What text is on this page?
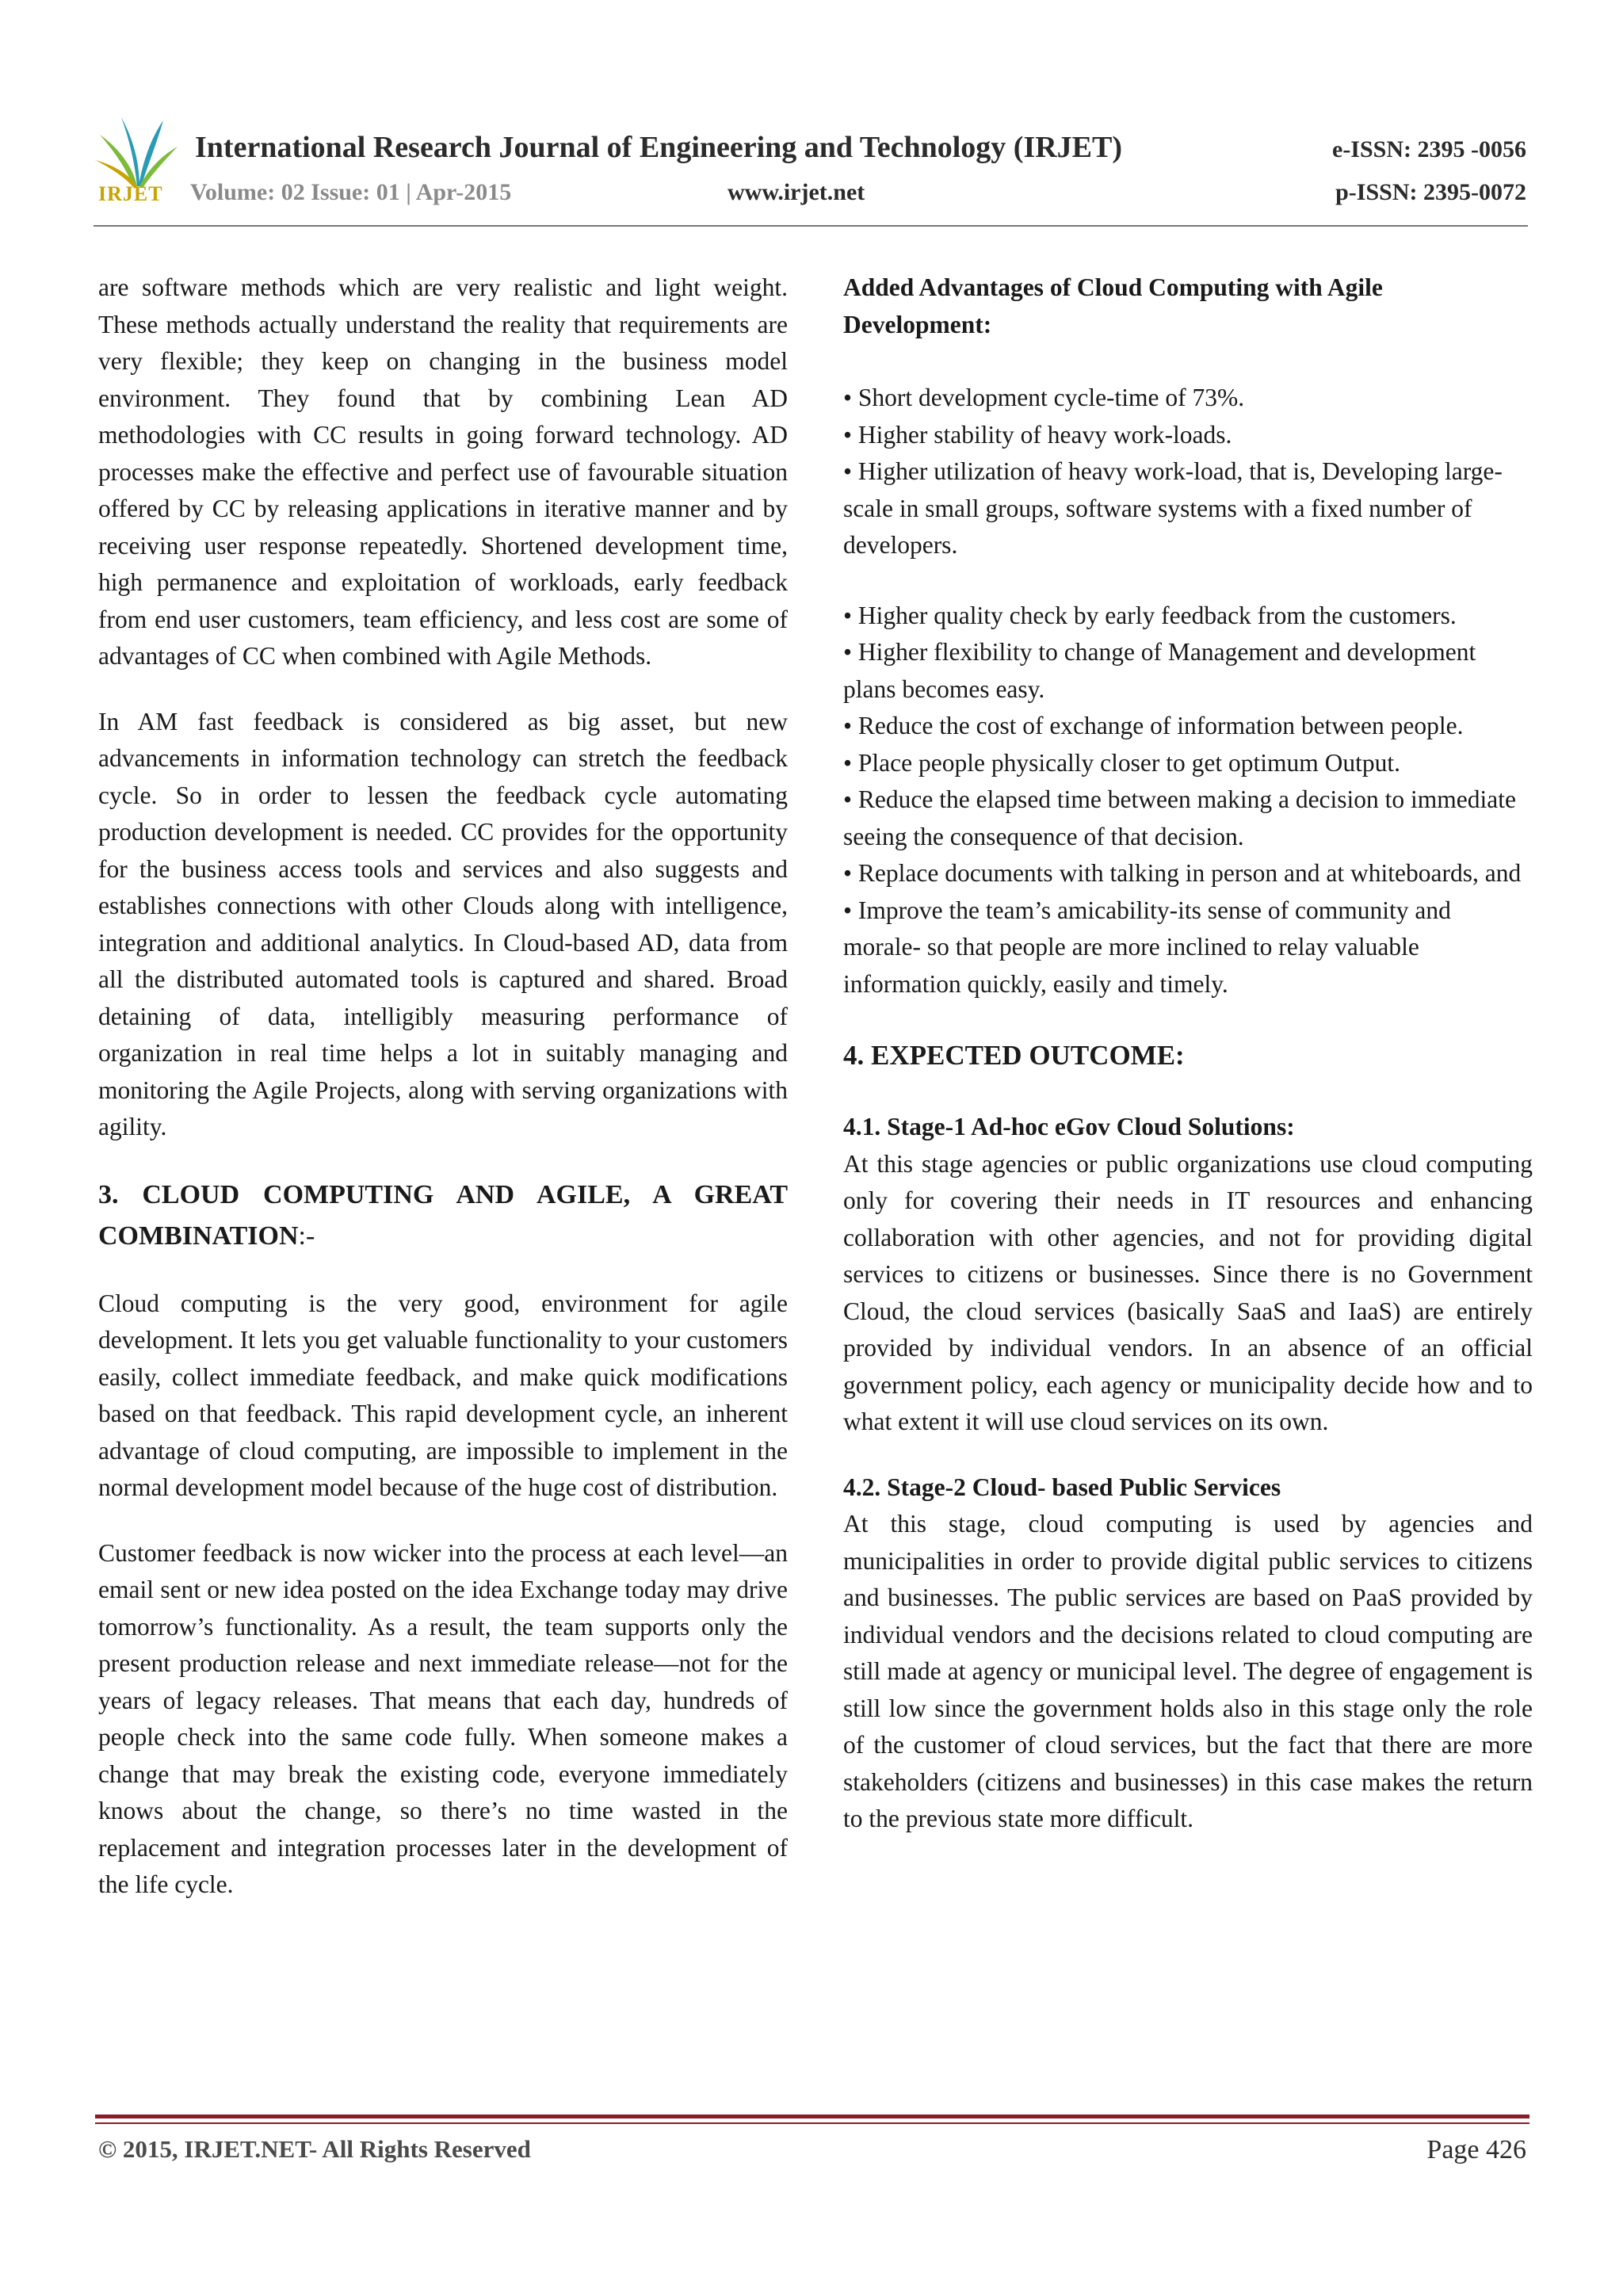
IRJET
International Research Journal of Engineering and Technology (IRJET)	e-ISSN: 2395 -0056
Volume: 02 Issue: 01 | Apr-2015	www.irjet.net	p-ISSN: 2395-0072

are software methods which are very realistic and light weight. These methods actually understand the reality that requirements are very flexible; they keep on changing in the business model environment. They found that by combining Lean AD methodologies with CC results in going forward technology. AD processes make the effective and perfect use of favourable situation offered by CC by releasing applications in iterative manner and by receiving user response repeatedly. Shortened development time, high permanence and exploitation of workloads, early feedback from end user customers, team efficiency, and less cost are some of advantages of CC when combined with Agile Methods.

In AM fast feedback is considered as big asset, but new advancements in information technology can stretch the feedback cycle. So in order to lessen the feedback cycle automating production development is needed. CC provides for the opportunity for the business access tools and services and also suggests and establishes connections with other Clouds along with intelligence, integration and additional analytics. In Cloud-based AD, data from all the distributed automated tools is captured and shared. Broad detaining of data, intelligibly measuring performance of organization in real time helps a lot in suitably managing and monitoring the Agile Projects, along with serving organizations with agility.

3. CLOUD COMPUTING AND AGILE, A GREAT COMBINATION:-

Cloud computing is the very good, environment for agile development. It lets you get valuable functionality to your customers easily, collect immediate feedback, and make quick modifications based on that feedback. This rapid development cycle, an inherent advantage of cloud computing, are impossible to implement in the normal development model because of the huge cost of distribution.

Customer feedback is now wicker into the process at each level—an email sent or new idea posted on the idea Exchange today may drive tomorrow’s functionality. As a result, the team supports only the present production release and next immediate release—not for the years of legacy releases. That means that each day, hundreds of people check into the same code fully. When someone makes a change that may break the existing code, everyone immediately knows about the change, so there’s no time wasted in the replacement and integration processes later in the development of the life cycle.

Added Advantages of Cloud Computing with Agile Development:
• Short development cycle-time of 73%.
• Higher stability of heavy work-loads.
• Higher utilization of heavy work-load, that is, Developing large-scale in small groups, software systems with a fixed number of developers.
• Higher quality check by early feedback from the customers.
• Higher flexibility to change of Management and development plans becomes easy.
• Reduce the cost of exchange of information between people.
• Place people physically closer to get optimum Output.
• Reduce the elapsed time between making a decision to immediate seeing the consequence of that decision.
• Replace documents with talking in person and at whiteboards, and
• Improve the team’s amicability-its sense of community and morale- so that people are more inclined to relay valuable information quickly, easily and timely.
4. EXPECTED OUTCOME:
4.1. Stage-1 Ad-hoc eGov Cloud Solutions:

At this stage agencies or public organizations use cloud computing only for covering their needs in IT resources and enhancing collaboration with other agencies, and not for providing digital services to citizens or businesses. Since there is no Government Cloud, the cloud services (basically SaaS and IaaS) are entirely provided by individual vendors. In an absence of an official government policy, each agency or municipality decide how and to what extent it will use cloud services on its own.

4.2. Stage-2 Cloud- based Public Services

At this stage, cloud computing is used by agencies and municipalities in order to provide digital public services to citizens and businesses. The public services are based on PaaS provided by individual vendors and the decisions related to cloud computing are still made at agency or municipal level. The degree of engagement is still low since the government holds also in this stage only the role of the customer of cloud services, but the fact that there are more stakeholders (citizens and businesses) in this case makes the return to the previous state more difficult.

© 2015, IRJET.NET- All Rights Reserved	Page 426
